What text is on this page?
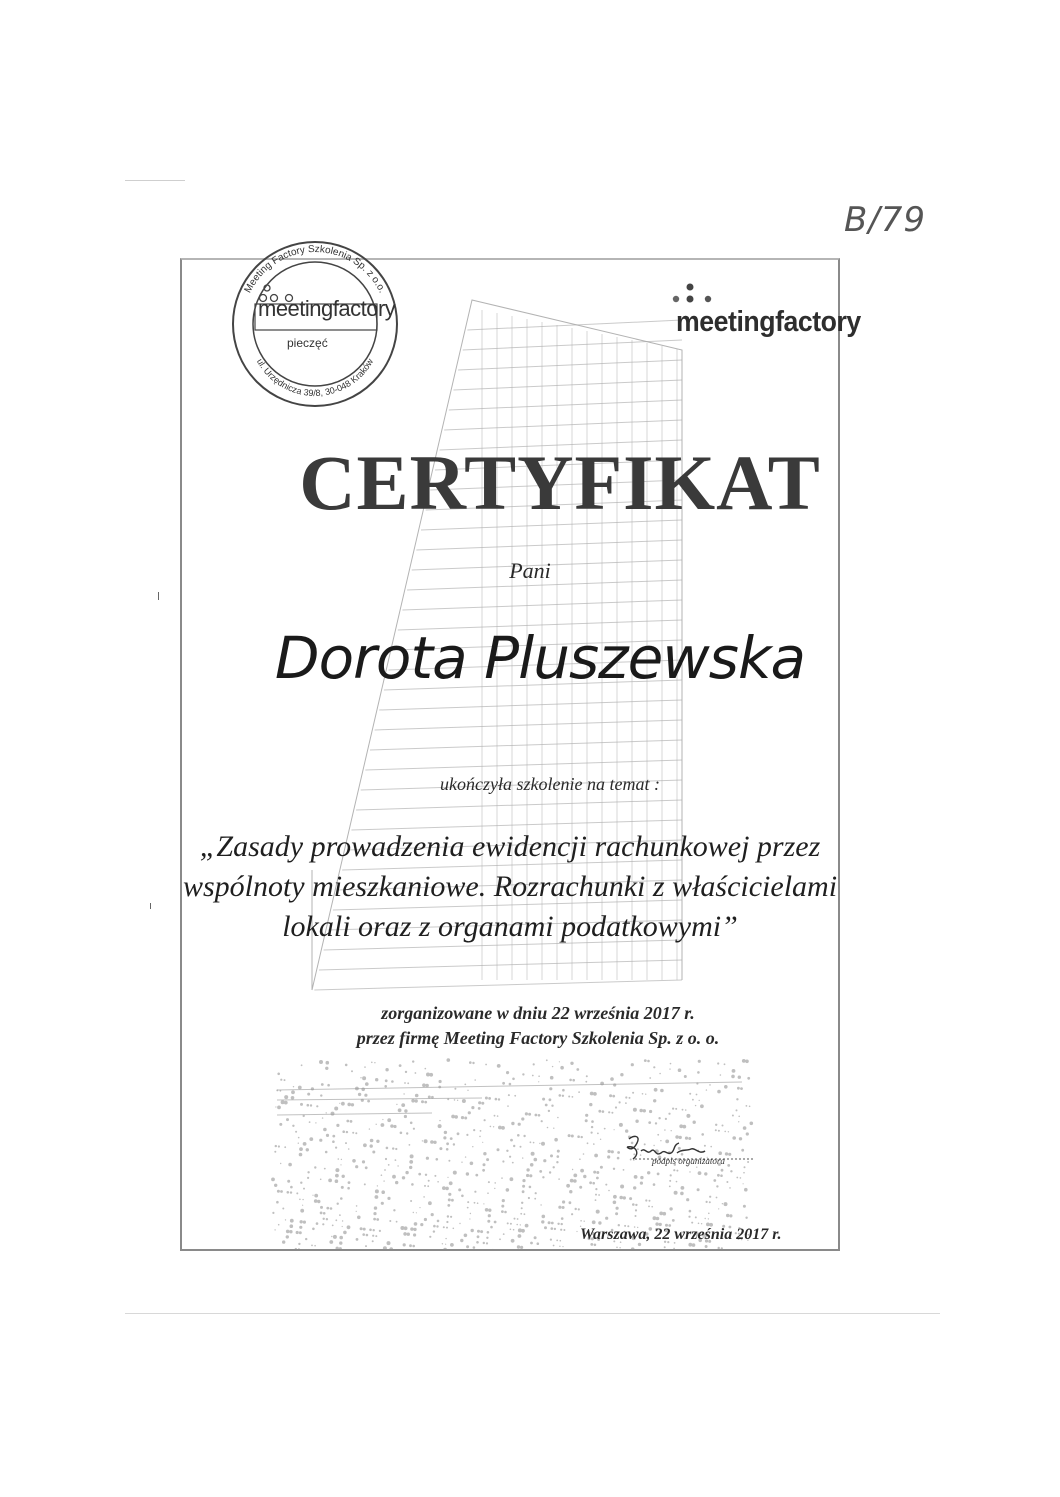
B/79
Meeting Factory Szkolenia Sp. z o.o.
ul. Urzędnicza 39/8, 30-048 Kraków
meetingfactory
pieczęć
meetingfactory
CERTYFIKAT
Pani
Dorota Pluszewska
ukończyła szkolenie na temat :
„Zasady prowadzenia ewidencji rachunkowej przez
wspólnoty mieszkaniowe. Rozrachunki z właścicielami
lokali oraz z organami podatkowymi”
zorganizowane w dniu 22 września 2017 r.
przez firmę Meeting Factory Szkolenia Sp. z o. o.
podpis organizatora
Warszawa, 22 września 2017 r.
